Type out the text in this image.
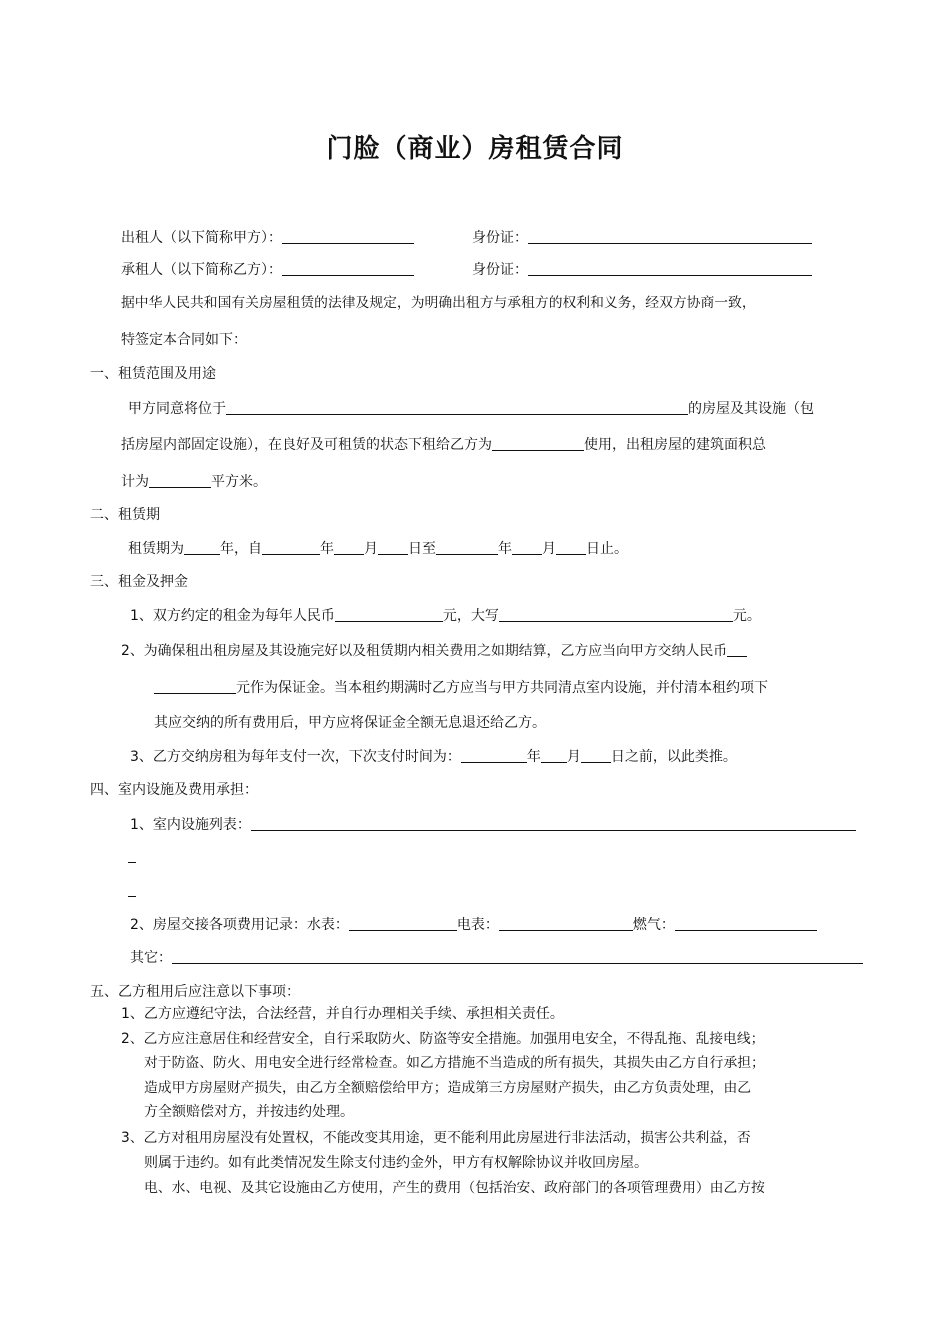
门脸（商业）房租赁合同
出租人（以下简称甲方）：	身份证：
承租人（以下简称乙方）：	身份证：
据中华人民共和国有关房屋租赁的法律及规定，为明确出租方与承租方的权利和义务，经双方协商一致，
特签定本合同如下：
一、租赁范围及用途
甲方同意将位于	的房屋及其设施（包
括房屋内部固定设施），在良好及可租赁的状态下租给乙方为	使用，出租房屋的建筑面积总
计为	平方米。
二、租赁期
租赁期为	年，自	年 月 日至	年 月 日止。
三、租金及押金
1、双方约定的租金为每年人民币	元，大写	元。
2、为确保租出租房屋及其设施完好以及租赁期内相关费用之如期结算，乙方应当向甲方交纳人民币
元作为保证金。当本租约期满时乙方应当与甲方共同清点室内设施，并付清本租约项下
其应交纳的所有费用后，甲方应将保证金全额无息退还给乙方。
3、乙方交纳房租为每年支付一次，下次支付时间为：	年 月 日之前，以此类推。
四、室内设施及费用承担：
1、室内设施列表：
2、房屋交接各项费用记录：水表：	电表：	燃气：
其它：
五、乙方租用后应注意以下事项：
1、乙方应遵纪守法，合法经营，并自行办理相关手续、承担相关责任。
2、乙方应注意居住和经营安全，自行采取防火、防盗等安全措施。加强用电安全，不得乱拖、乱接电线；
对于防盗、防火、用电安全进行经常检查。如乙方措施不当造成的所有损失，其损失由乙方自行承担；
造成甲方房屋财产损失，由乙方全额赔偿给甲方；造成第三方房屋财产损失，由乙方负责处理，由乙
方全额赔偿对方，并按违约处理。
3、乙方对租用房屋没有处置权，不能改变其用途，更不能利用此房屋进行非法活动，损害公共利益，否
则属于违约。如有此类情况发生除支付违约金外，甲方有权解除协议并收回房屋。
电、水、电视、及其它设施由乙方使用，产生的费用（包括治安、政府部门的各项管理费用）由乙方按
